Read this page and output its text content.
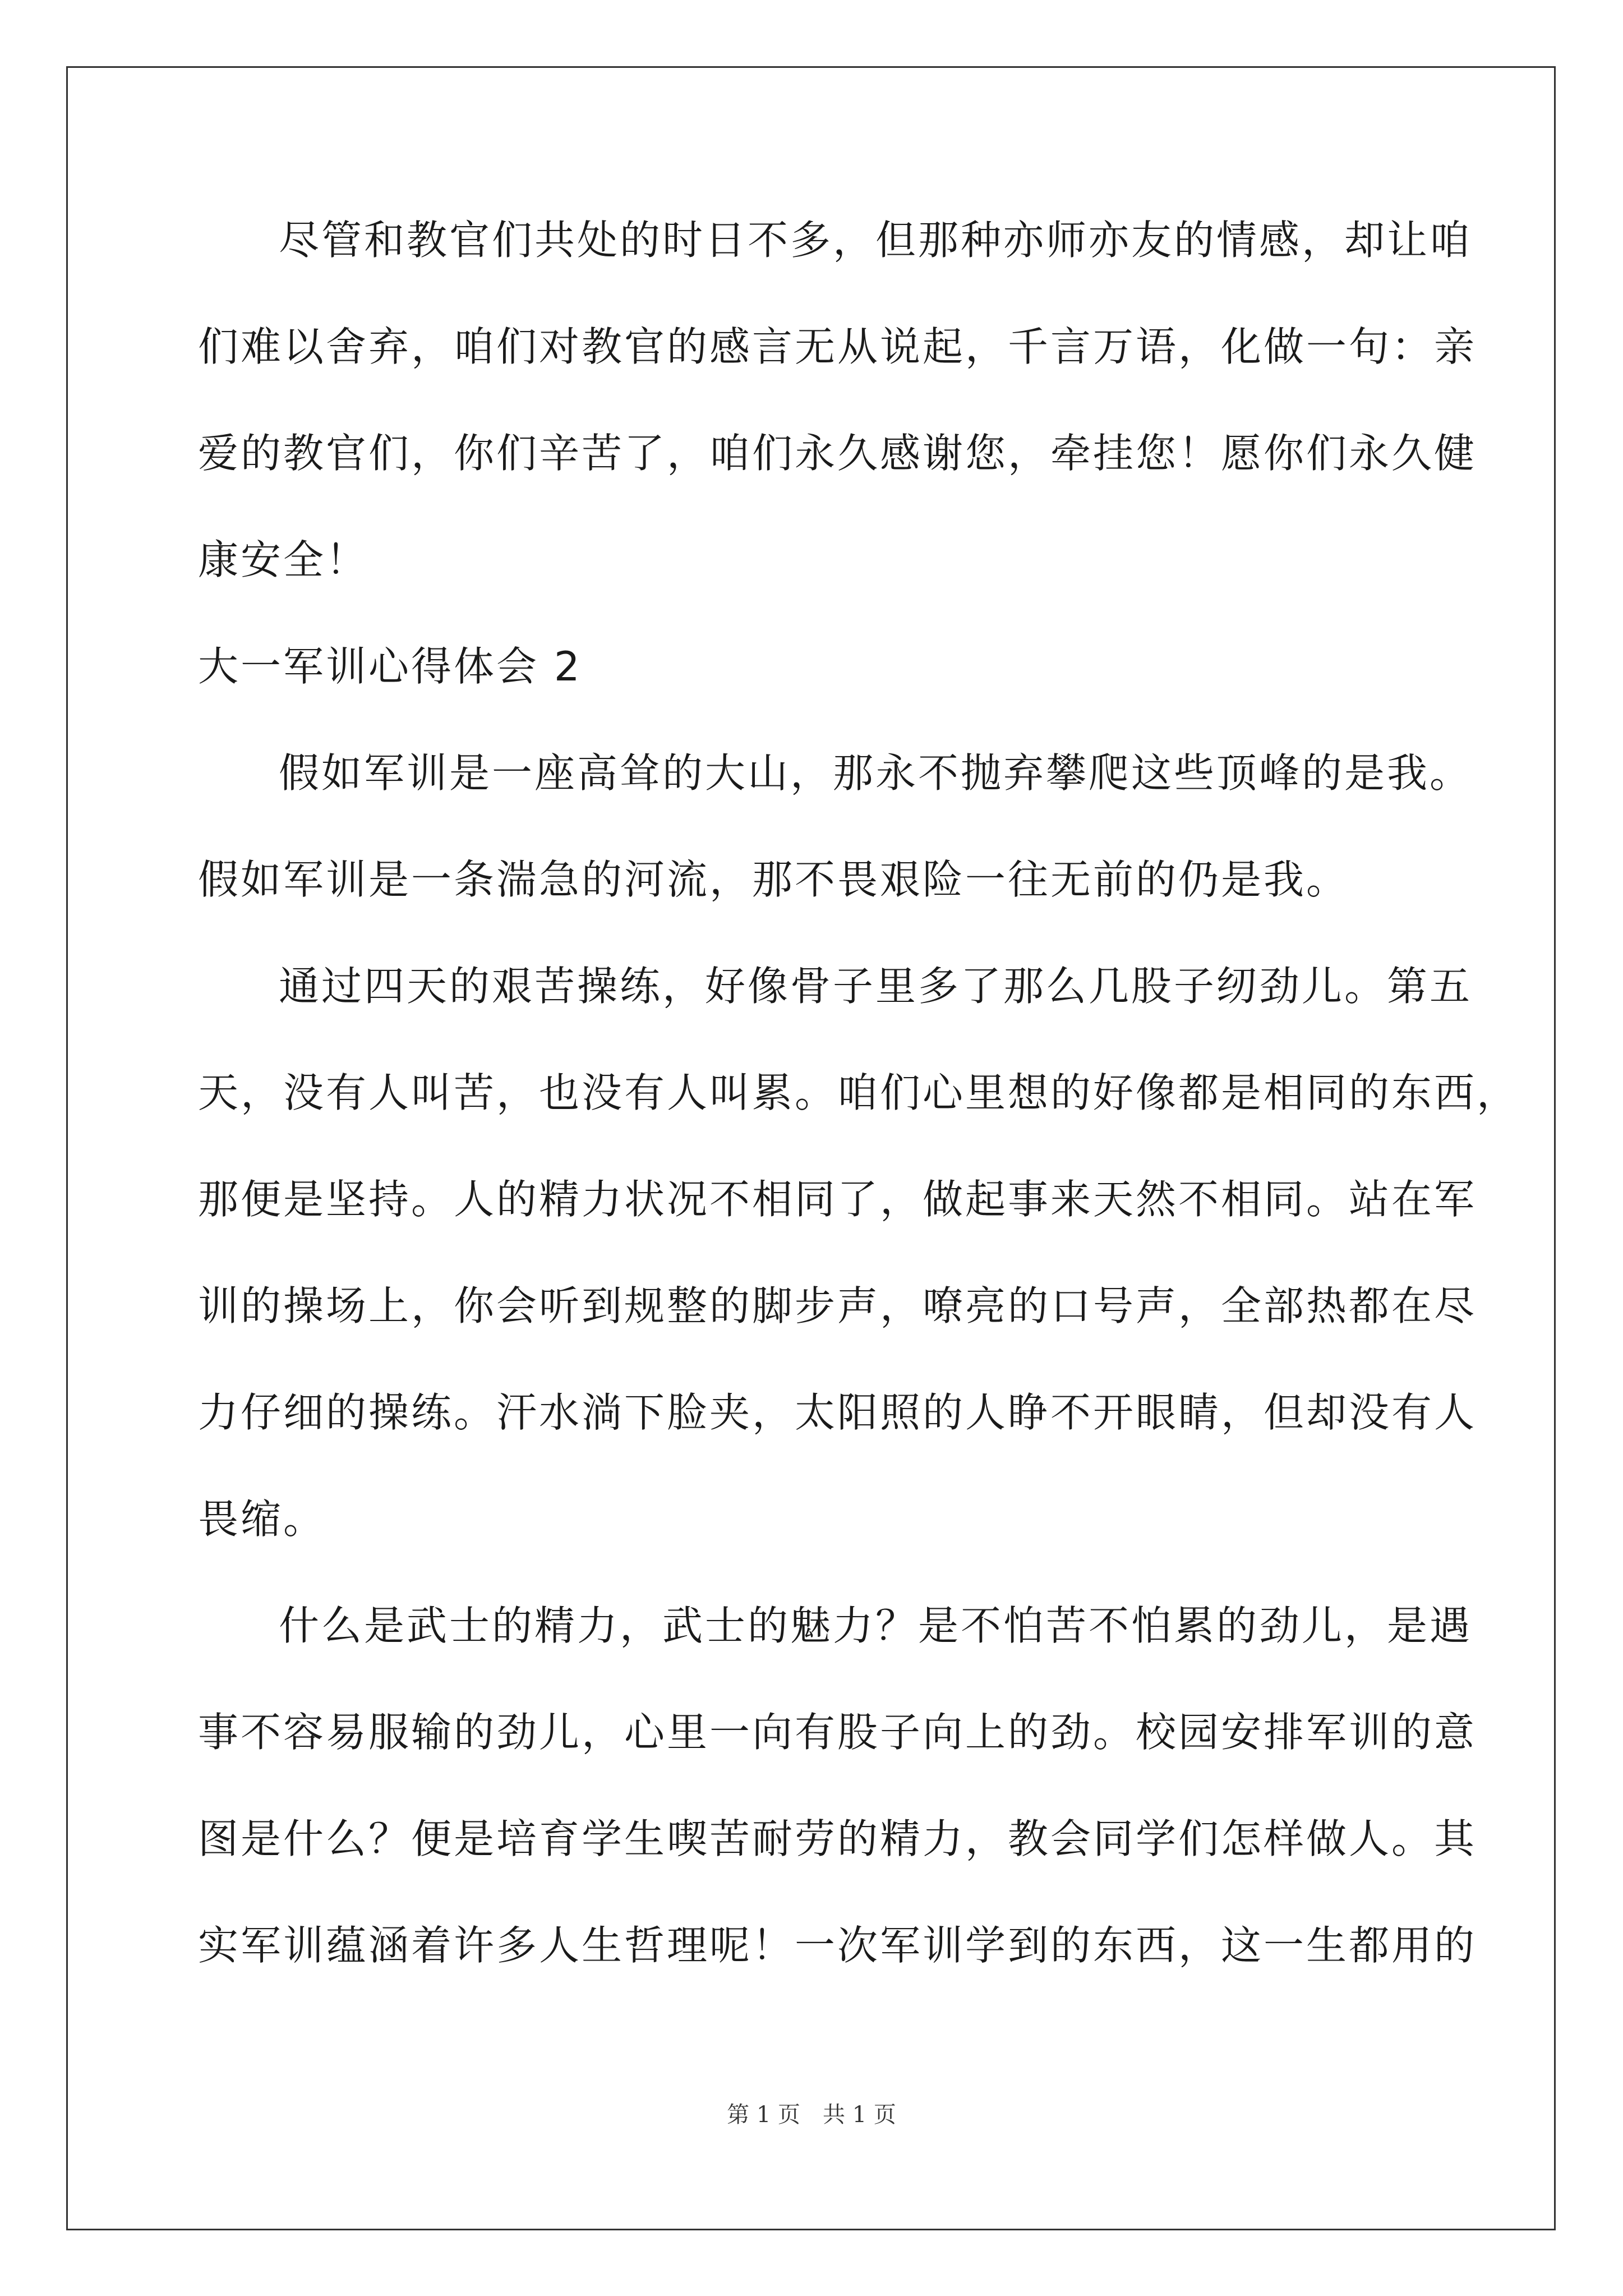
尽管和教官们共处的时日不多，但那种亦师亦友的情感，却让咱
们难以舍弃，咱们对教官的感言无从说起，千言万语，化做一句：亲
爱的教官们，你们辛苦了，咱们永久感谢您，牵挂您！愿你们永久健
康安全！
大一军训心得体会 2
假如军训是一座高耸的大山，那永不抛弃攀爬这些顶峰的是我。
假如军训是一条湍急的河流，那不畏艰险一往无前的仍是我。
通过四天的艰苦操练，好像骨子里多了那么几股子纫劲儿。第五
天，没有人叫苦，也没有人叫累。咱们心里想的好像都是相同的东西，
那便是坚持。人的精力状况不相同了，做起事来天然不相同。站在军
训的操场上，你会听到规整的脚步声，嘹亮的口号声，全部热都在尽
力仔细的操练。汗水淌下脸夹，太阳照的人睁不开眼睛，但却没有人
畏缩。
什么是武士的精力，武士的魅力？是不怕苦不怕累的劲儿，是遇
事不容易服输的劲儿，心里一向有股子向上的劲。校园安排军训的意
图是什么？便是培育学生喫苦耐劳的精力，教会同学们怎样做人。其
实军训蕴涵着许多人生哲理呢！一次军训学到的东西，这一生都用的
第 1 页　共 1 页
